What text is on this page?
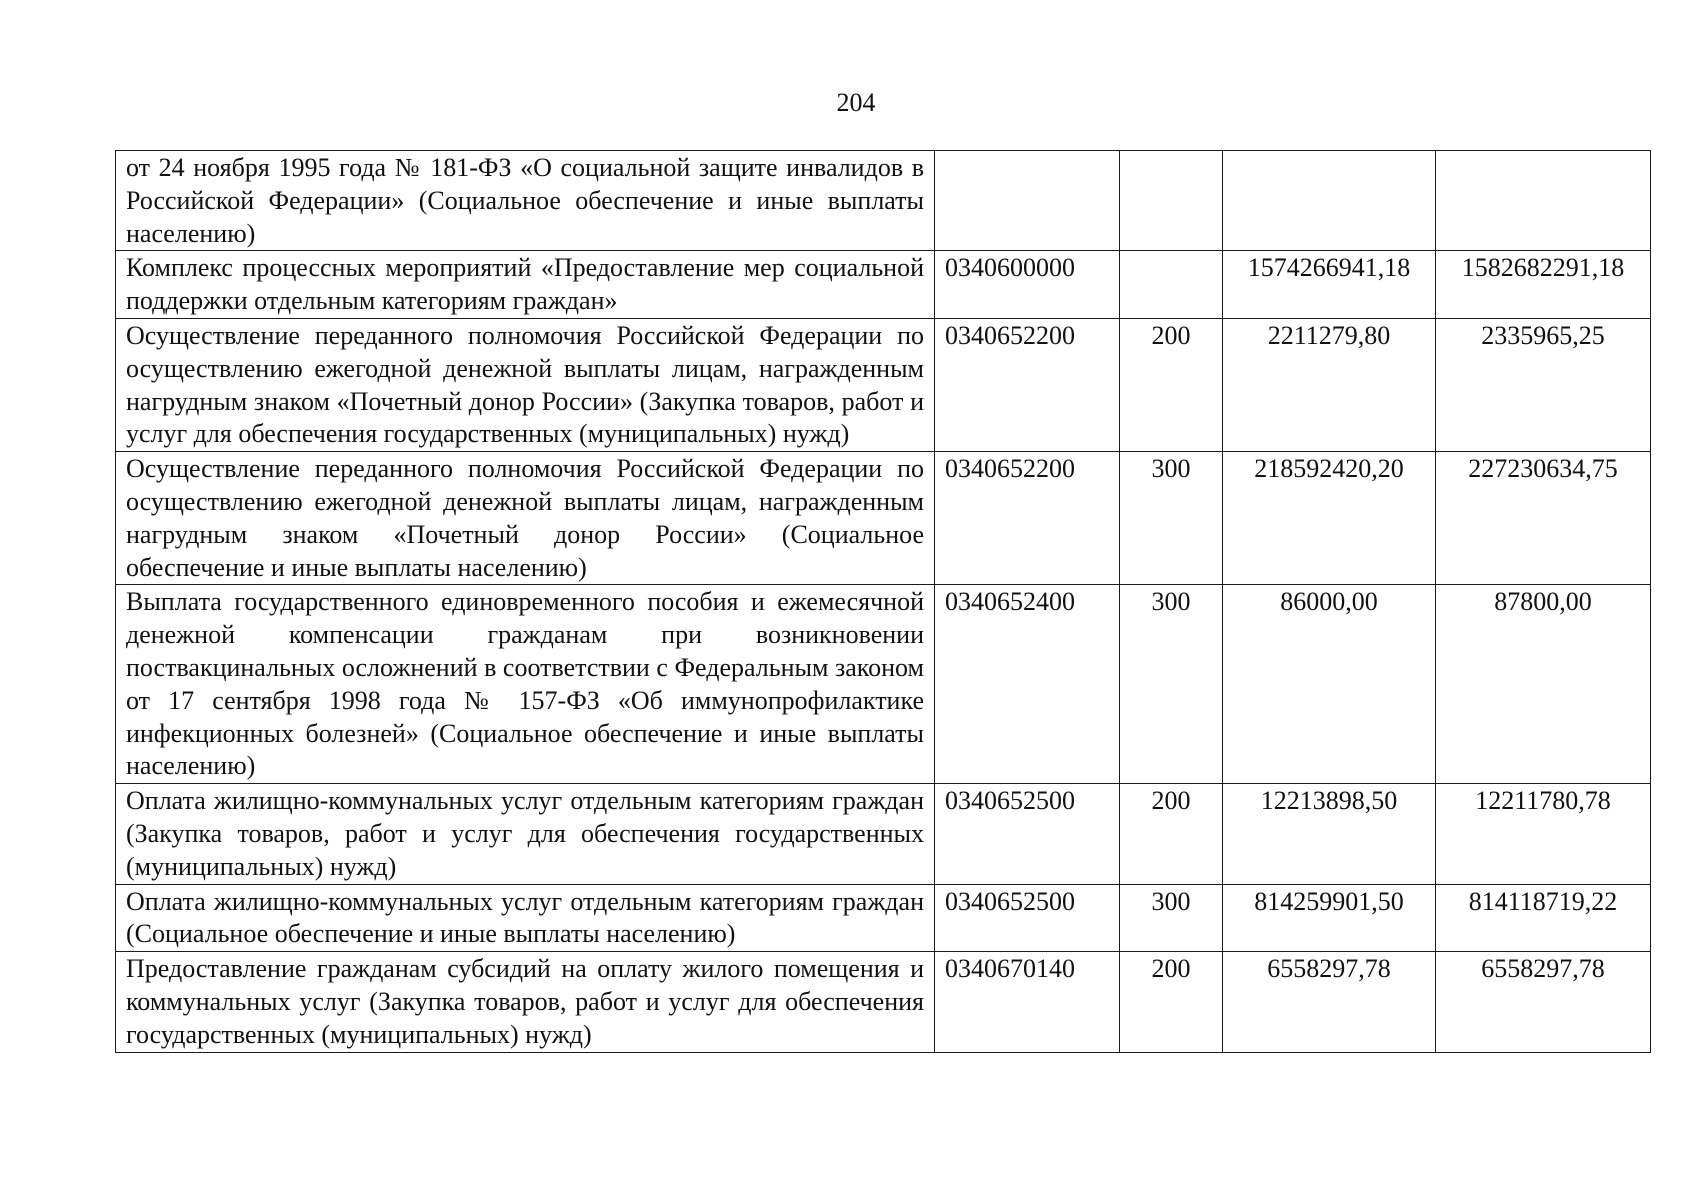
204
от 24 ноября 1995 года № 181-ФЗ «О социальной защите инвалидов в Российской Федерации» (Социальное обеспечение и иные выплаты населению)				
Комплекс процессных мероприятий «Предоставление мер социальной поддержки отдельным категориям граждан»	0340600000		1574266941,18	1582682291,18
Осуществление переданного полномочия Российской Федерации по осуществлению ежегодной денежной выплаты лицам, награжденным нагрудным знаком «Почетный донор России» (Закупка товаров, работ и услуг для обеспечения государственных (муниципальных) нужд)	0340652200	200	2211279,80	2335965,25
Осуществление переданного полномочия Российской Федерации по осуществлению ежегодной денежной выплаты лицам, награжденным нагрудным знаком «Почетный донор России» (Социальное обеспечение и иные выплаты населению)	0340652200	300	218592420,20	227230634,75
Выплата государственного единовременного пособия и ежемесячной денежной компенсации гражданам при возникновении поствакцинальных осложнений в соответствии с Федеральным законом от 17 сентября 1998 года № 157-ФЗ «Об иммунопрофилактике инфекционных болезней» (Социальное обеспечение и иные выплаты населению)	0340652400	300	86000,00	87800,00
Оплата жилищно-коммунальных услуг отдельным категориям граждан (Закупка товаров, работ и услуг для обеспечения государственных (муниципальных) нужд)	0340652500	200	12213898,50	12211780,78
Оплата жилищно-коммунальных услуг отдельным категориям граждан (Социальное обеспечение и иные выплаты населению)	0340652500	300	814259901,50	814118719,22
Предоставление гражданам субсидий на оплату жилого помещения и коммунальных услуг (Закупка товаров, работ и услуг для обеспечения государственных (муниципальных) нужд)	0340670140	200	6558297,78	6558297,78
